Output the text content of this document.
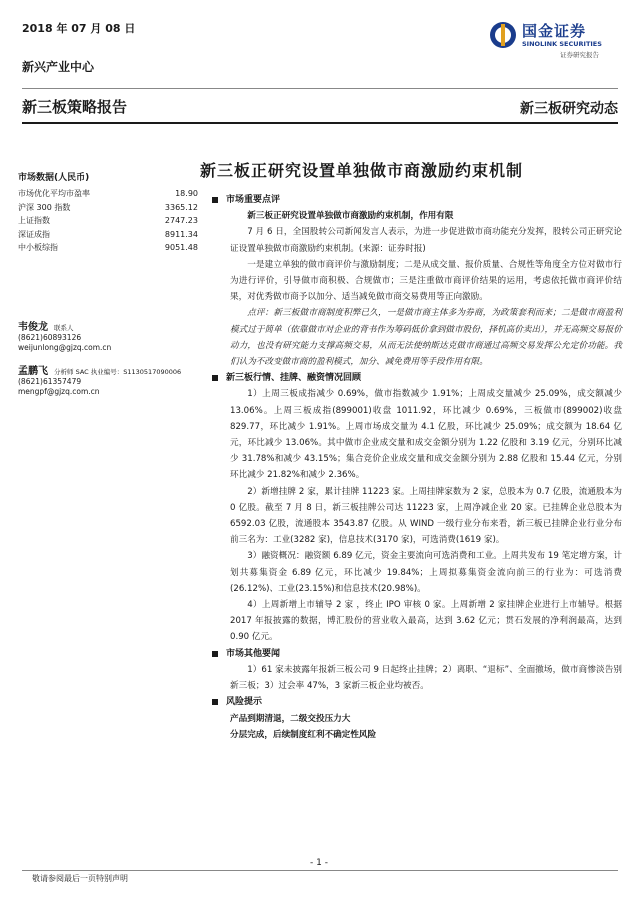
2018 年 07 月 08 日
新兴产业中心
国金证券
SINOLINK SECURITIES
证券研究报告
新三板策略报告	新三板研究动态
新三板正研究设置单独做市商激励约束机制
市场数据(人民币)
市场优化平均市盈率	18.90
沪深 300 指数	3365.12
上证指数	2747.23
深证成指	8911.34
中小板综指	9051.48
韦俊龙 联系人
(8621)60893126
weijunlong@gjzq.com.cn
孟鹏飞 分析师 SAC 执业编号：S1130517090006
(8621)61357479
mengpf@gjzq.com.cn
市场重要点评

新三板正研究设置单独做市商激励约束机制，作用有限

7 月 6 日，全国股转公司新闻发言人表示，为进一步促进做市商功能充分发挥，股转公司正研究论证设置单独做市商激励约束机制。(来源：证券时报)

一是建立单独的做市商评价与激励制度；二是从成交量、报价质量、合规性等角度全方位对做市行为进行评价，引导做市商积极、合规做市；三是注重做市商评价结果的运用，考虑依托做市商评价结果，对优秀做市商予以加分、适当减免做市商交易费用等正向激励。

点评：新三板做市商制度积弊已久，一是做市商主体多为券商，为政策套利而来；二是做市商盈利模式过于简单（依靠做市对企业的背书作为筹码低价拿到做市股份，择机高价卖出），并无高频交易报价动力，也没有研究能力支撑高频交易，从而无法使纳斯达克做市商通过高频交易发挥公允定价功能。我们认为不改变做市商的盈利模式，加分、减免费用等手段作用有限。

新三板行情、挂牌、融资情况回顾

1）上周三板成指减少 0.69%，做市指数减少 1.91%；上周成交量减少 25.09%，成交额减少 13.06%。上周三板成指(899001)收盘 1011.92，环比减少 0.69%，三板做市(899002)收盘 829.77，环比减少 1.91%。上周市场成交量为 4.1 亿股，环比减少 25.09%；成交额为 18.64 亿元，环比减少 13.06%。其中做市企业成交量和成交金额分别为 1.22 亿股和 3.19 亿元，分别环比减少 31.78%和减少 43.15%；集合竞价企业成交量和成交金额分别为 2.88 亿股和 15.44 亿元，分别环比减少 21.82%和减少 2.36%。

2）新增挂牌 2 家，累计挂牌 11223 家。上周挂牌家数为 2 家，总股本为 0.7 亿股，流通股本为 0 亿股。截至 7 月 8 日，新三板挂牌公司达 11223 家，上周净减企业 20 家。已挂牌企业总股本为 6592.03 亿股，流通股本 3543.87 亿股。从 WIND 一级行业分布来看，新三板已挂牌企业行业分布前三名为：工业(3282 家)，信息技术(3170 家)，可选消费(1619 家)。

3）融资概况：融资额 6.89 亿元，资金主要流向可选消费和工业。上周共发布 19 笔定增方案，计划共募集资金 6.89 亿元，环比减少 19.84%；上周拟募集资金流向前三的行业为：可选消费(26.12%)、工业(23.15%)和信息技术(20.98%)。

4）上周新增上市辅导 2 家 ，终止 IPO 审核 0 家。上周新增 2 家挂牌企业进行上市辅导。根据 2017 年报披露的数据，博汇股份的营业收入最高，达到 3.62 亿元；贯石发展的净利润最高，达到 0.90 亿元。

市场其他要闻

1）61 家未披露年报新三板公司 9 日起终止挂牌；2）离职、“退标”、全面撤场，做市商惨淡告别新三板；3）过会率 47%，3 家新三板企业均被否。

风险提示

产品到期清退，二级交投压力大

分层完成，后续制度红利不确定性风险

- 1 -
敬请参阅最后一页特别声明
